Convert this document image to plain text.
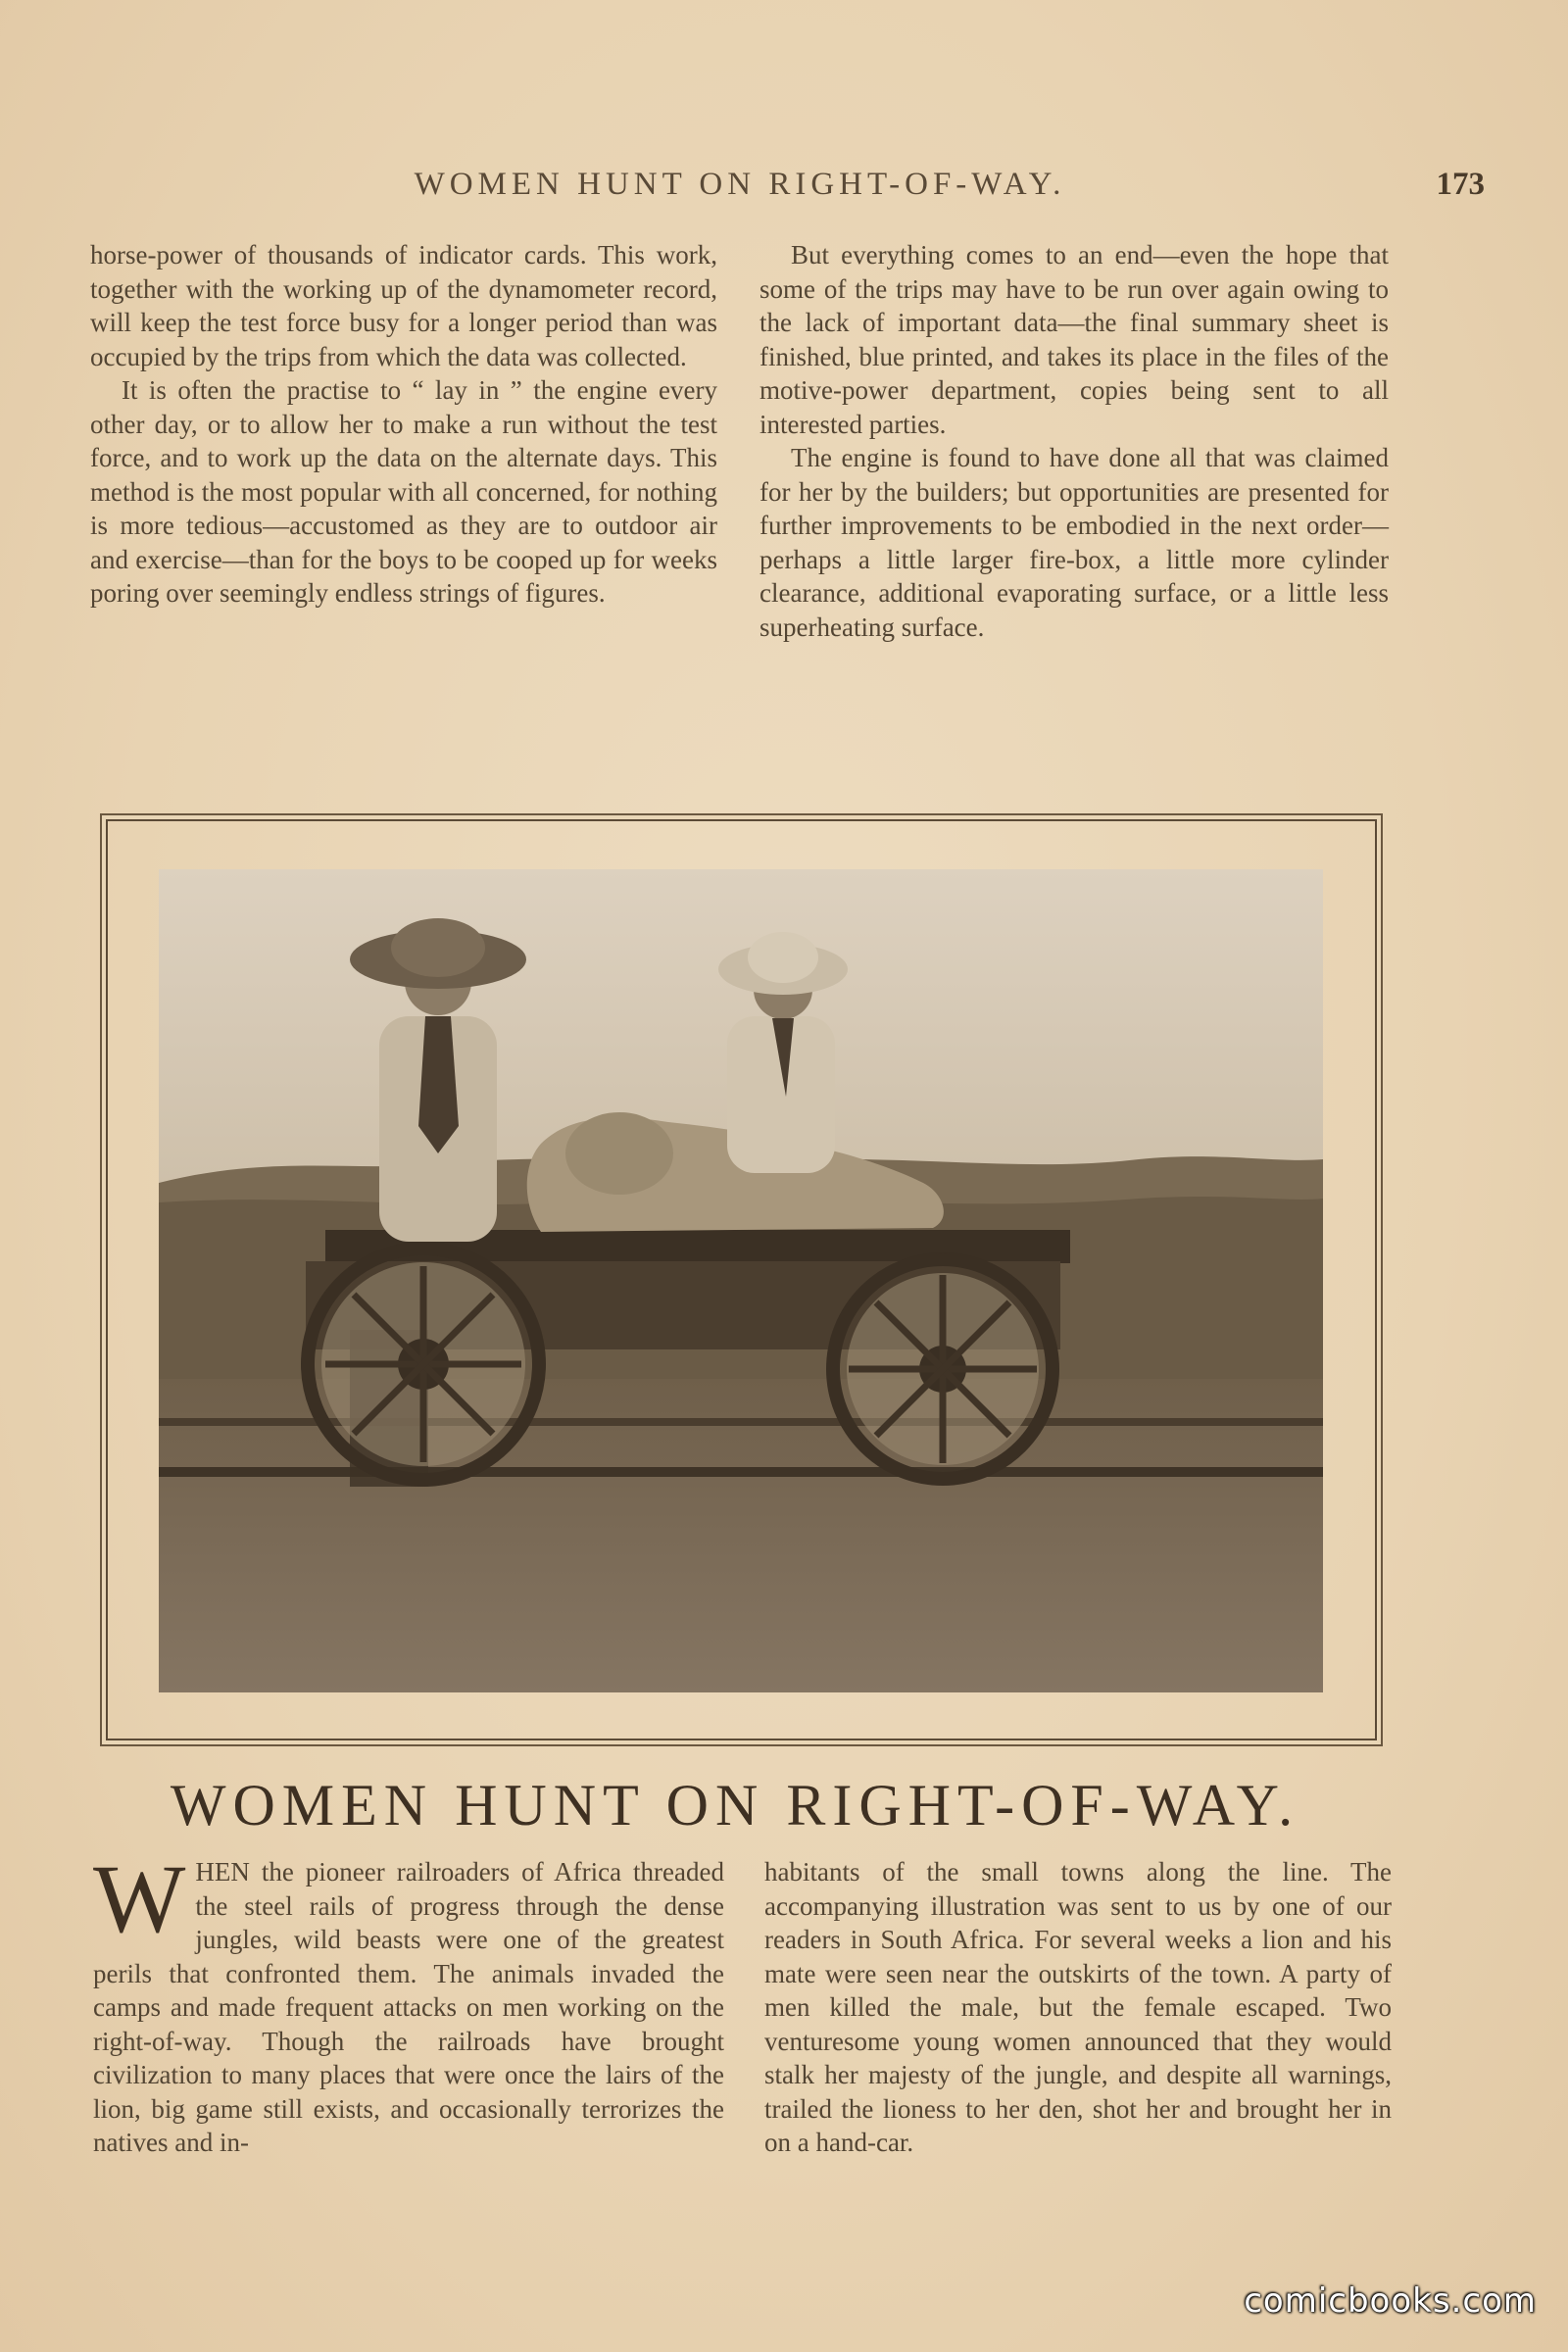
WOMEN HUNT ON RIGHT-OF-WAY.	173

horse-power of thousands of indicator cards. This work, together with the working up of the dynamometer record, will keep the test force busy for a longer period than was occupied by the trips from which the data was collected.

It is often the practise to “ lay in ” the engine every other day, or to allow her to make a run without the test force, and to work up the data on the alternate days. This method is the most popular with all concerned, for nothing is more tedious—accustomed as they are to outdoor air and exercise—than for the boys to be cooped up for weeks poring over seemingly endless strings of figures.

But everything comes to an end—even the hope that some of the trips may have to be run over again owing to the lack of important data—the final summary sheet is finished, blue printed, and takes its place in the files of the motive-power department, copies being sent to all interested parties.

The engine is found to have done all that was claimed for her by the builders; but opportunities are presented for further improvements to be embodied in the next order—perhaps a little larger fire-box, a little more cylinder clearance, additional evaporating surface, or a little less superheating surface.

WOMEN HUNT ON RIGHT-OF-WAY.

WHEN the pioneer railroaders of Africa threaded the steel rails of progress through the dense jungles, wild beasts were one of the greatest perils that confronted them. The animals invaded the camps and made frequent attacks on men working on the right-of-way. Though the railroads have brought civilization to many places that were once the lairs of the lion, big game still exists, and occasionally terrorizes the natives and in-

habitants of the small towns along the line. The accompanying illustration was sent to us by one of our readers in South Africa. For several weeks a lion and his mate were seen near the outskirts of the town. A party of men killed the male, but the female escaped. Two venturesome young women announced that they would stalk her majesty of the jungle, and despite all warnings, trailed the lioness to her den, shot her and brought her in on a hand-car.

comicbooks.com
